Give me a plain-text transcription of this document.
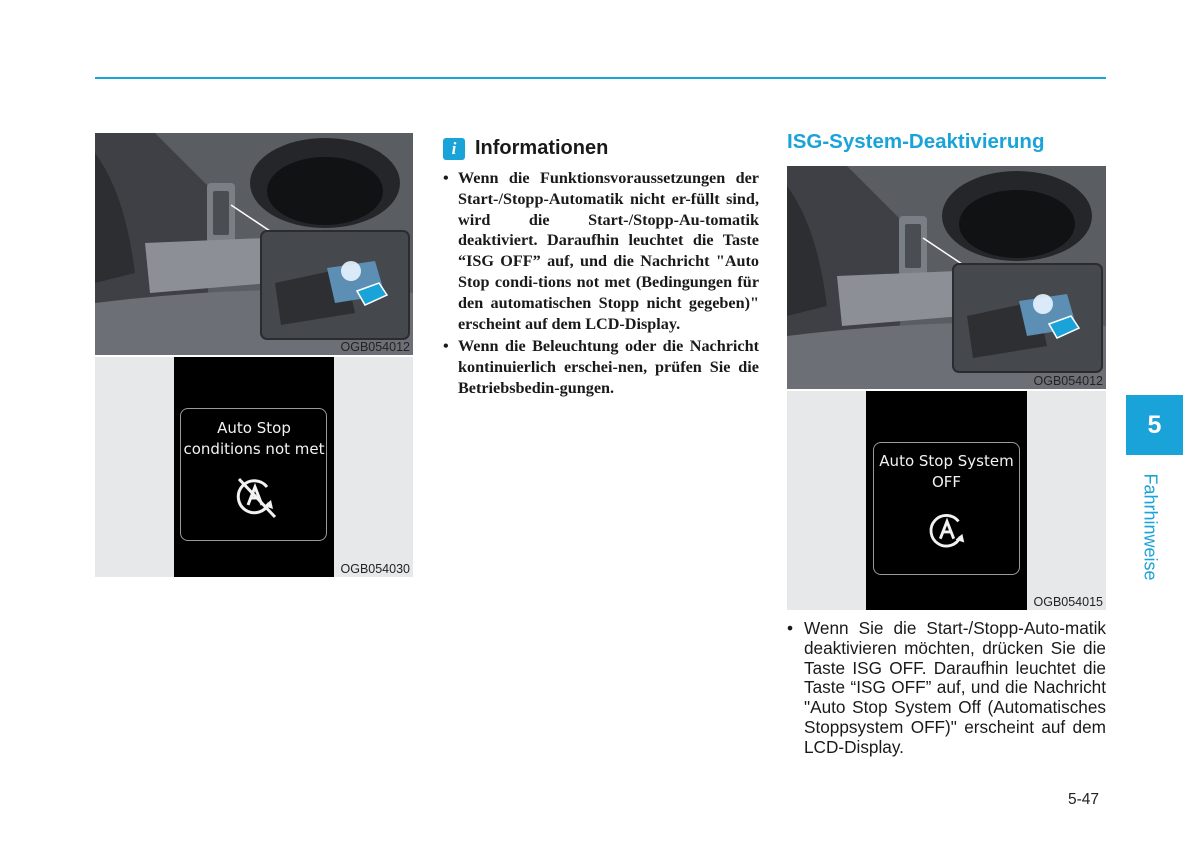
OGB054012
Auto Stop
conditions not met
OGB054030
i Informationen
• Wenn die Funktionsvoraussetzungen der Start-/Stopp-Automatik nicht er-füllt sind, wird die Start-/Stopp-Au-tomatik deaktiviert. Daraufhin leuchtet die Taste “ISG OFF” auf, und die Nachricht "Auto Stop condi-tions not met (Bedingungen für den automatischen Stopp nicht gegeben)" erscheint auf dem LCD-Display.
• Wenn die Beleuchtung oder die Nachricht kontinuierlich erschei-nen, prüfen Sie die Betriebsbedin-gungen.
ISG-System-Deaktivierung
OGB054012
Auto Stop System
OFF
OGB054015
• Wenn Sie die Start-/Stopp-Auto-matik deaktivieren möchten, drücken Sie die Taste ISG OFF. Daraufhin leuchtet die Taste “ISG OFF” auf, und die Nachricht "Auto Stop System Off (Automatisches Stoppsystem OFF)" erscheint auf dem LCD-Display.
5-47
5
Fahrhinweise
